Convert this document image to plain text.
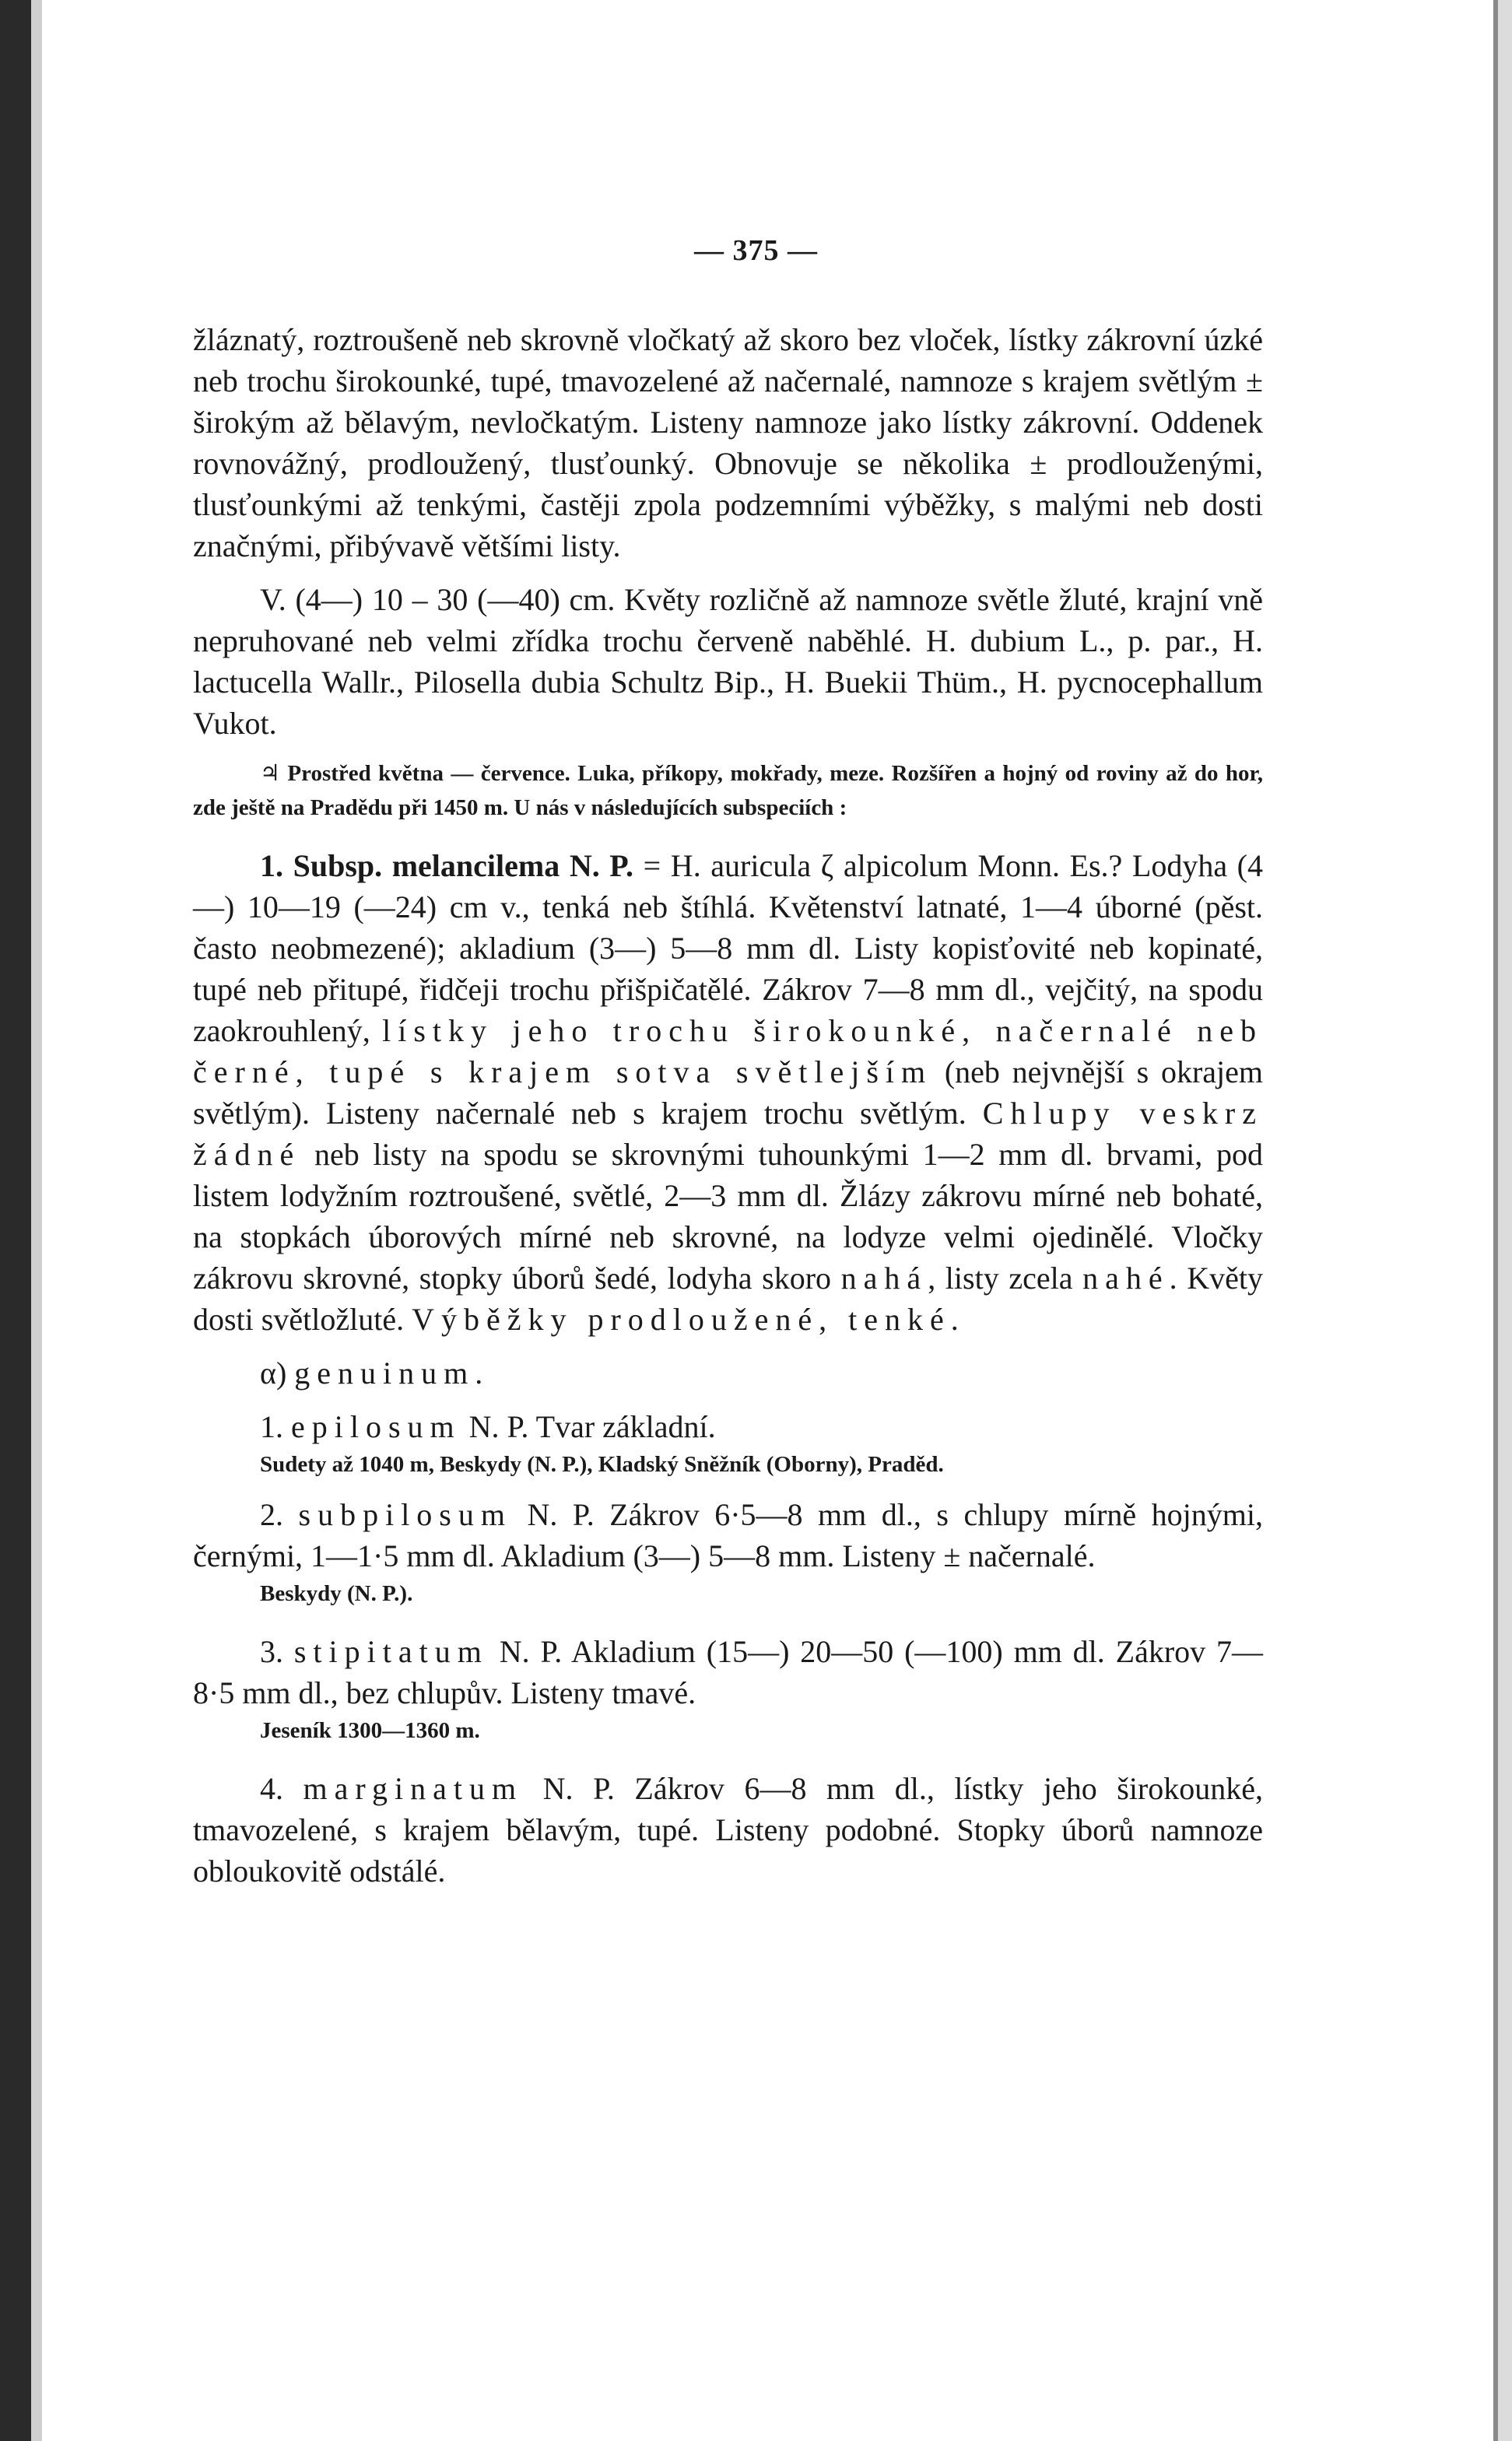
— 375 —

žláznatý, roztroušeně neb skrovně vločkatý až skoro bez vloček, lístky zákrovní úzké neb trochu širokounké, tupé, tmavozelené až načernalé, namnoze s krajem světlým ± širokým až bělavým, nevločkatým. Listeny namnoze jako lístky zákrovní. Oddenek rovnovážný, prodloužený, tlusťounký. Obnovuje se několika ± prodlouženými, tlusťounkými až tenkými, častěji zpola podzemními výběžky, s malými neb dosti značnými, přibývavě většími listy.

V. (4—) 10 – 30 (—40) cm. Květy rozličně až namnoze světle žluté, krajní vně nepruhované neb velmi zřídka trochu červeně naběhlé. H. dubium L., p. par., H. lactucella Wallr., Pilosella dubia Schultz Bip., H. Buekii Thüm., H. pycnocephallum Vukot.

♃ Prostřed května — července. Luka, příkopy, mokřady, meze. Rozšířen a hojný od roviny až do hor, zde ještě na Pradědu při 1450 m. U nás v následujících subspeciích :

1. Subsp. melancilema N. P. = H. auricula ζ alpicolum Monn. Es.? Lodyha (4—) 10—19 (—24) cm v., tenká neb štíhlá. Květenství latnaté, 1—4 úborné (pěst. často neobmezené); akladium (3—) 5—8 mm dl. Listy kopisťovité neb kopinaté, tupé neb přitupé, řidčeji trochu přišpičatělé. Zákrov 7—8 mm dl., vejčitý, na spodu zaokrouhlený, lístky jeho trochu širokounké, načernalé neb černé, tupé s krajem sotva světlejším (neb nejvnější s okrajem světlým). Listeny načernalé neb s krajem trochu světlým. Chlupy veskrz žádné neb listy na spodu se skrovnými tuhounkými 1—2 mm dl. brvami, pod listem lodyžním roztroušené, světlé, 2—3 mm dl. Žlázy zákrovu mírné neb bohaté, na stopkách úborových mírné neb skrovné, na lodyze velmi ojedinělé. Vločky zákrovu skrovné, stopky úborů šedé, lodyha skoro nahá, listy zcela nahé. Květy dosti světložluté. Výběžky prodloužené, tenké.

α) genuinum.

1. epilosum N. P. Tvar základní.

Sudety až 1040 m, Beskydy (N. P.), Kladský Sněžník (Oborny), Praděd.

2. subpilosum N. P. Zákrov 6·5—8 mm dl., s chlupy mírně hojnými, černými, 1—1·5 mm dl. Akladium (3—) 5—8 mm. Listeny ± načernalé.

Beskydy (N. P.).

3. stipitatum N. P. Akladium (15—) 20—50 (—100) mm dl. Zákrov 7—8·5 mm dl., bez chlupův. Listeny tmavé.

Jeseník 1300—1360 m.

4. marginatum N. P. Zákrov 6—8 mm dl., lístky jeho širokounké, tmavozelené, s krajem bělavým, tupé. Listeny podobné. Stopky úborů namnoze obloukovitě odstálé.
